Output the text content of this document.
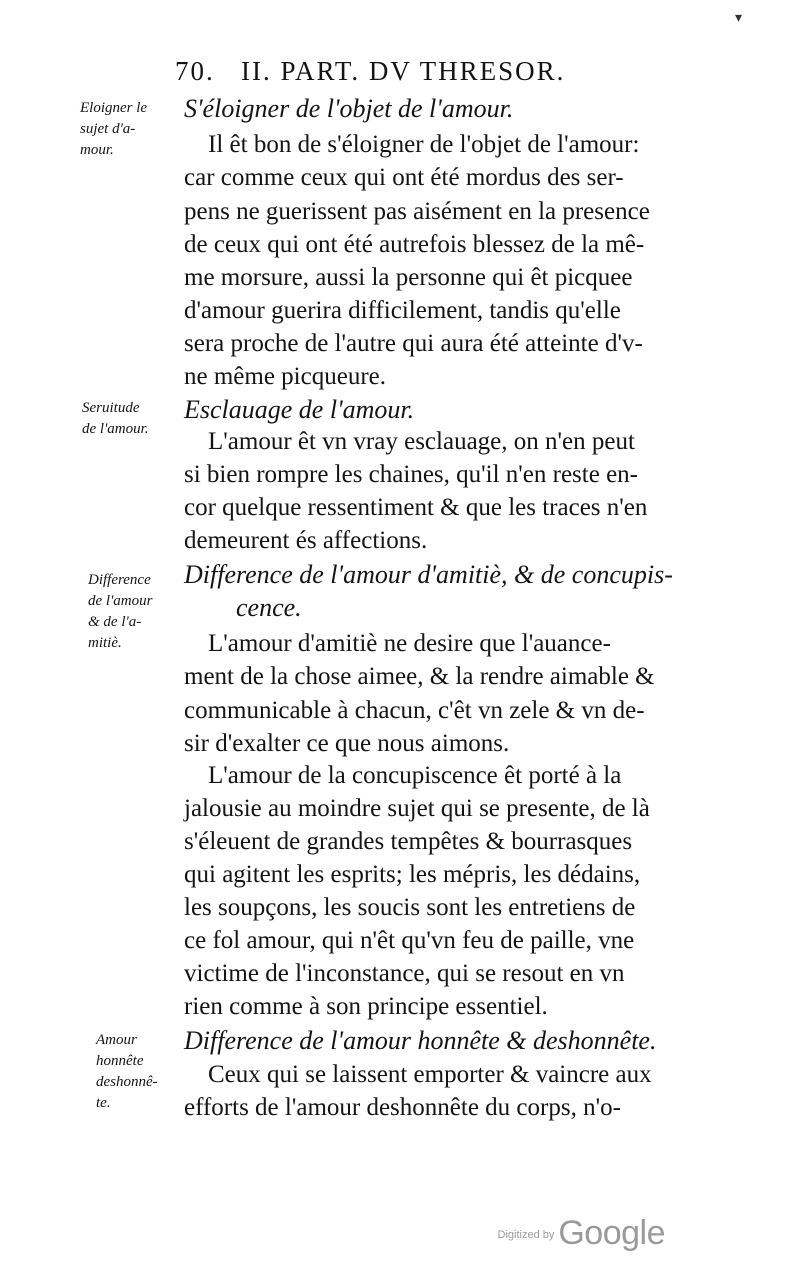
▾
70. II. PART. DV THRESOR.
Eloigner le
sujet d'a-
mour.
Seruitude
de l'amour.
Difference
de l'amour
& de l'a-
mitiè.
Amour
honnête
deshonnê-
te.
S'éloigner de l'objet de l'amour.
Il êt bon de s'éloigner de l'objet de l'amour:
car comme ceux qui ont été mordus des ser-
pens ne guerissent pas aisément en la presence
de ceux qui ont été autrefois blessez de la mê-
me morsure, aussi la personne qui êt picquee
d'amour guerira difficilement, tandis qu'elle
sera proche de l'autre qui aura été atteinte d'v-
ne même picqueure.
Esclauage de l'amour.
L'amour êt vn vray esclauage, on n'en peut
si bien rompre les chaines, qu'il n'en reste en-
cor quelque ressentiment & que les traces n'en
demeurent és affections.
Difference de l'amour d'amitiè, & de concupis-
cence.
L'amour d'amitiè ne desire que l'auance-
ment de la chose aimee, & la rendre aimable &
communicable à chacun, c'êt vn zele & vn de-
sir d'exalter ce que nous aimons.
L'amour de la concupiscence êt porté à la
jalousie au moindre sujet qui se presente, de là
s'éleuent de grandes tempêtes & bourrasques
qui agitent les esprits; les mépris, les dédains,
les soupçons, les soucis sont les entretiens de
ce fol amour, qui n'êt qu'vn feu de paille, vne
victime de l'inconstance, qui se resout en vn
rien comme à son principe essentiel.
Difference de l'amour honnête & deshonnête.
Ceux qui se laissent emporter & vaincre aux
efforts de l'amour deshonnête du corps, n'o-
$^{Digitized by}$ Google
